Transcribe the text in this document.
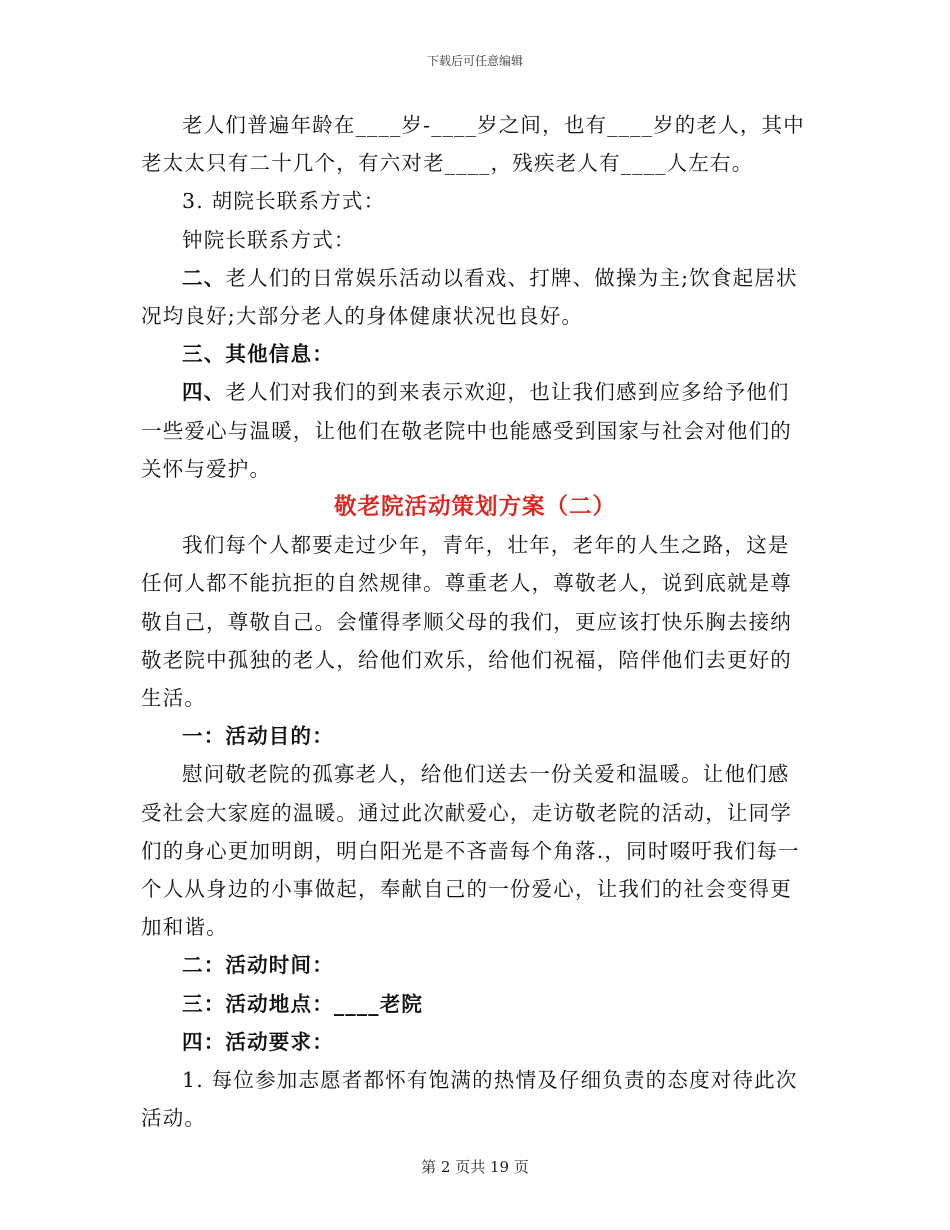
下载后可任意编辑

老人们普遍年龄在____岁-____岁之间，也有____岁的老人，其中老太太只有二十几个，有六对老____，残疾老人有____人左右。

3. 胡院长联系方式：

钟院长联系方式：

二、老人们的日常娱乐活动以看戏、打牌、做操为主;饮食起居状况均良好;大部分老人的身体健康状况也良好。

三、其他信息：

四、老人们对我们的到来表示欢迎，也让我们感到应多给予他们一些爱心与温暖，让他们在敬老院中也能感受到国家与社会对他们的关怀与爱护。

敬老院活动策划方案（二）

我们每个人都要走过少年，青年，壮年，老年的人生之路，这是任何人都不能抗拒的自然规律。尊重老人，尊敬老人，说到底就是尊敬自己，尊敬自己。会懂得孝顺父母的我们，更应该打快乐胸去接纳敬老院中孤独的老人，给他们欢乐，给他们祝福，陪伴他们去更好的生活。

一：活动目的：

慰问敬老院的孤寡老人，给他们送去一份关爱和温暖。让他们感受社会大家庭的温暖。通过此次献爱心，走访敬老院的活动，让同学们的身心更加明朗，明白阳光是不吝啬每个角落.，同时啜吁我们每一个人从身边的小事做起，奉献自己的一份爱心，让我们的社会变得更加和谐。

二：活动时间：

三：活动地点：____老院

四：活动要求：

1. 每位参加志愿者都怀有饱满的热情及仔细负责的态度对待此次活动。

第 2 页共 19 页
